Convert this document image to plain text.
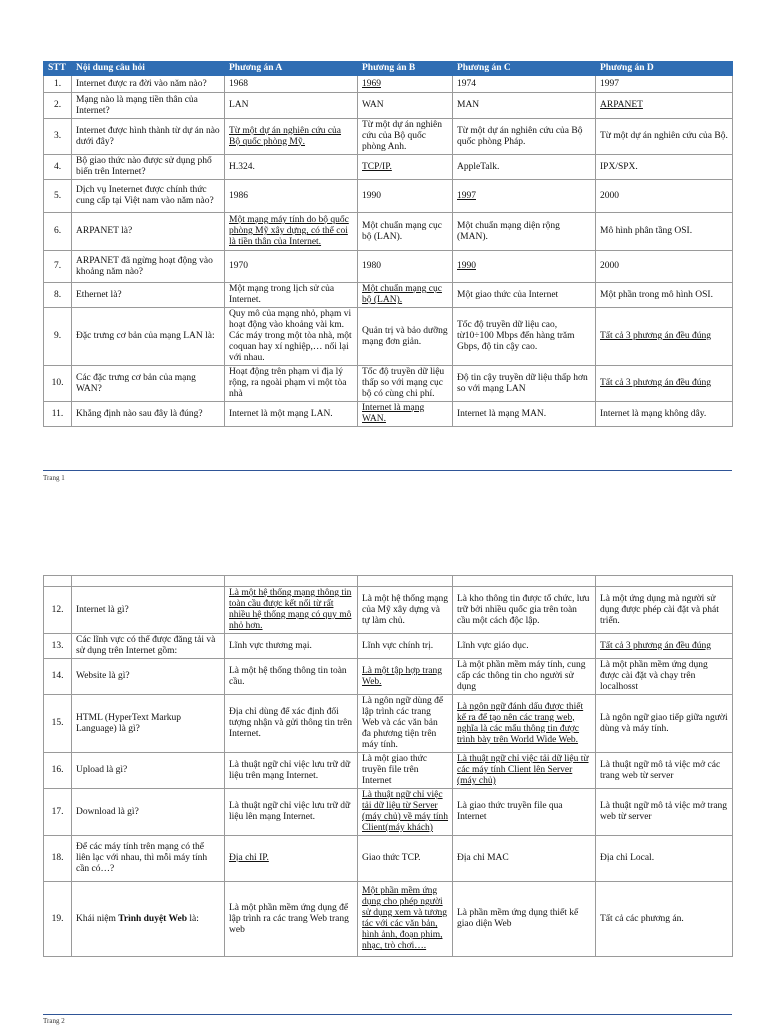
STT	Nội dung câu hỏi	Phương án A	Phương án B	Phương án C	Phương án D
1.	Internet được ra đời vào năm nào?	1968	1969	1974	1997
2.	Mạng nào là mạng tiền thân của Internet?	LAN	WAN	MAN	ARPANET
3.	Internet được hình thành từ dự án nào dưới đây?	Từ một dự án nghiên cứu của Bộ quốc phòng Mỹ.	Từ một dự án nghiên cứu của Bộ quốc phòng Anh.	Từ một dự án nghiên cứu của Bộ quốc phòng Pháp.	Từ một dự án nghiên cứu của Bộ.
4.	Bộ giao thức nào được sử dụng phổ biến trên Internet?	H.324.	TCP/IP.	AppleTalk.	IPX/SPX.
5.	Dịch vụ Ineternet được chính thức cung cấp tại Việt nam vào năm nào?	1986	1990	1997	2000
6.	ARPANET là?	Một mạng máy tính do bộ quốc phòng Mỹ xây dựng, có thể coi là tiền thân của Internet.	Một chuẩn mạng cục bộ (LAN).	Một chuẩn mạng diện rộng (MAN).	Mô hình phân tầng OSI.
7.	ARPANET đã ngừng hoạt động vào khoảng năm nào?	1970	1980	1990	2000
8.	Ethernet là?	Một mạng trong lịch sử của Internet.	Một chuẩn mạng cục bộ (LAN).	Một giao thức của Internet	Một phần trong mô hình OSI.
9.	Đặc trưng cơ bản của mạng LAN là:	Quy mô của mạng nhỏ, phạm vi hoạt động vào khoảng vài km. Các máy trong một tòa nhà, một coquan hay xí nghiệp,… nối lại với nhau.	Quản trị và bảo dưỡng mạng đơn giản.	Tốc độ truyền dữ liệu cao, từ10÷100 Mbps đến hàng trăm Gbps, độ tin cậy cao.	Tất cả 3 phương án đều đúng
10.	Các đặc trưng cơ bản của mạng WAN?	Hoạt động trên phạm vi địa lý rộng, ra ngoài phạm vi một tòa nhà	Tốc độ truyền dữ liệu thấp so với mạng cục bộ có cùng chi phí.	Độ tin cậy truyền dữ liệu thấp hơn so với mạng LAN	Tất cả 3 phương án đều đúng
11.	Khẳng định nào sau đây là đúng?	Internet là một mạng LAN.	Internet là mạng WAN.	Internet là mạng MAN.	Internet là mạng không dây.
Trang 1

12.	Internet là gì?	Là một hệ thống mạng thông tin toàn cầu được kết nối từ rất nhiều hệ thống mạng có quy mô nhỏ hơn.	Là một hệ thống mạng của Mỹ xây dựng và tự làm chủ.	Là kho thông tin được tổ chức, lưu trữ bởi nhiều quốc gia trên toàn cầu một cách độc lập.	Là một ứng dụng mà người sử dụng được phép cài đặt và phát triển.
13.	Các lĩnh vực có thể được đăng tải và sử dụng trên Internet gồm:	Lĩnh vực thương mại.	Lĩnh vực chính trị.	Lĩnh vực giáo dục.	Tất cả 3 phương án đều đúng
14.	Website là gì?	Là một hệ thống thông tin toàn cầu.	Là một tập hợp trang Web.	Là một phần mềm máy tính, cung cấp các thông tin cho người sử dụng	Là một phần mềm ứng dụng được cài đặt và chạy trên localhosst
15.	HTML (HyperText Markup Language) là gì?	Địa chỉ dùng để xác định đối tượng nhận và gửi thông tin trên Internet.	Là ngôn ngữ dùng để lập trình các trang Web và các văn bản đa phương tiện trên máy tính.	Là ngôn ngữ đánh dấu được thiết kế ra để tạo nên các trang web, nghĩa là các mẩu thông tin được trình bày trên World Wide Web.	Là ngôn ngữ giao tiếp giữa người dùng và máy tính.
16.	Upload là gì?	Là thuật ngữ chỉ việc lưu trữ dữ liệu trên mạng Internet.	Là một giao thức truyền file trên Internet	Là thuật ngữ chỉ việc tải dữ liệu từ các máy tính Client lên Server (máy chủ)	Là thuật ngữ mô tả việc mở các trang web từ server
17.	Download là gì?	Là thuật ngữ chỉ việc lưu trữ dữ liệu lên mạng Internet.	Là thuật ngữ chỉ việc tải dữ liệu từ Server (máy chủ) về máy tính Client(máy khách)	Là giao thức truyền file qua Internet	Là thuật ngữ mô tả việc mở trang web từ server
18.	Để các máy tính trên mạng có thể liên lạc với nhau, thì mỗi máy tính cần có…?	Địa chỉ IP.	Giao thức TCP.	Địa chỉ MAC	Địa chỉ Local.
19.	Khái niệm Trình duyệt Web là:	Là một phần mềm ứng dụng để lập trình ra các trang Web trang web	Một phần mềm ứng dụng cho phép người sử dụng xem và tương tác với các văn bản, hình ảnh, đoạn phim, nhạc, trò chơi….	Là phần mềm ứng dụng thiết kế giao diện Web	Tất cả các phương án.
Trang 2
